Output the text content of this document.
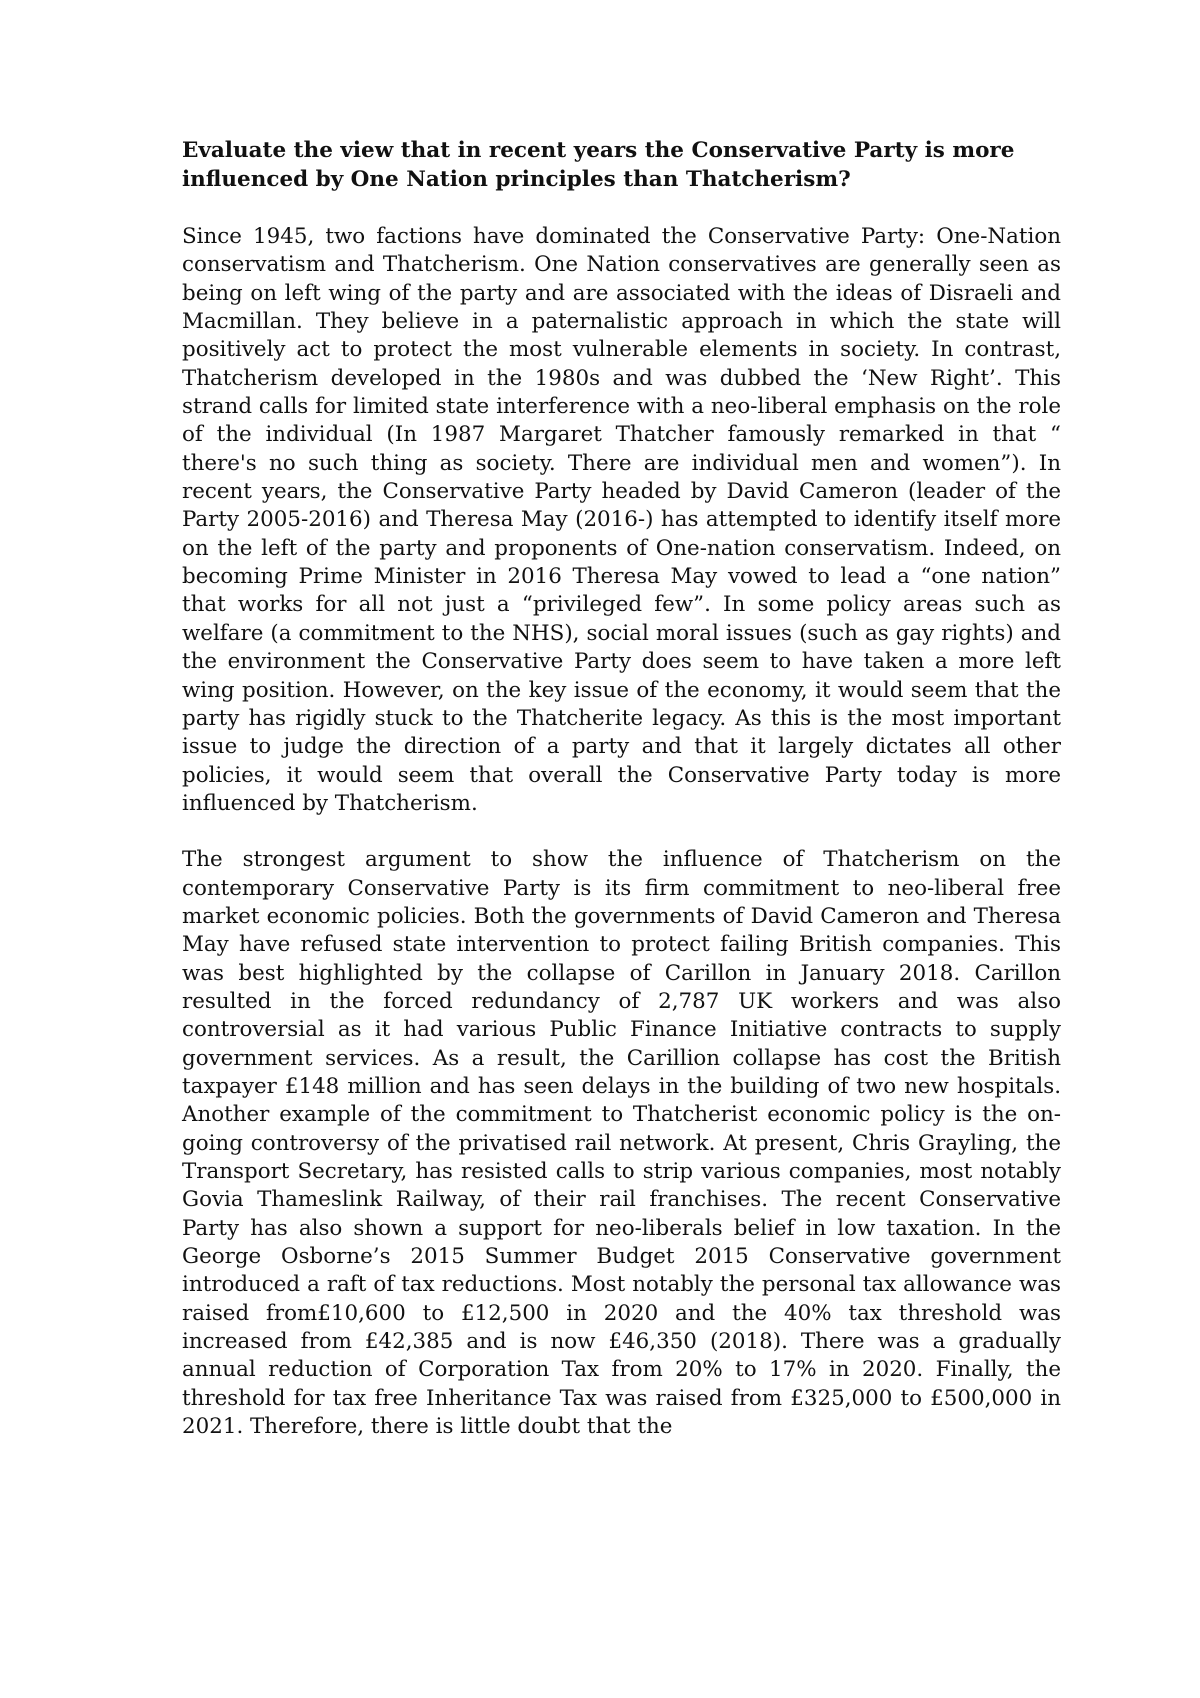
Evaluate the view that in recent years the Conservative Party is more influenced by One Nation principles than Thatcherism?

Since 1945, two factions have dominated the Conservative Party: One-Nation conservatism and Thatcherism. One Nation conservatives are generally seen as being on left wing of the party and are associated with the ideas of Disraeli and Macmillan. They believe in a paternalistic approach in which the state will positively act to protect the most vulnerable elements in society. In contrast, Thatcherism developed in the 1980s and was dubbed the ‘New Right’. This strand calls for limited state interference with a neo-liberal emphasis on the role of the individual (In 1987 Margaret Thatcher famously remarked in that “ there's no such thing as society. There are individual men and women”). In recent years, the Conservative Party headed by David Cameron (leader of the Party 2005-2016) and Theresa May (2016-) has attempted to identify itself more on the left of the party and proponents of One-nation conservatism. Indeed, on becoming Prime Minister in 2016 Theresa May vowed to lead a “one nation” that works for all not just a “privileged few”. In some policy areas such as welfare (a commitment to the NHS), social moral issues (such as gay rights) and the environment the Conservative Party does seem to have taken a more left wing position. However, on the key issue of the economy, it would seem that the party has rigidly stuck to the Thatcherite legacy. As this is the most important issue to judge the direction of a party and that it largely dictates all other policies, it would seem that overall the Conservative Party today is more influenced by Thatcherism.

The strongest argument to show the influence of Thatcherism on the contemporary Conservative Party is its firm commitment to neo-liberal free market economic policies. Both the governments of David Cameron and Theresa May have refused state intervention to protect failing British companies. This was best highlighted by the collapse of Carillon in January 2018. Carillon resulted in the forced redundancy of 2,787 UK workers and was also controversial as it had various Public Finance Initiative contracts to supply government services. As a result, the Carillion collapse has cost the British taxpayer £148 million and has seen delays in the building of two new hospitals. Another example of the commitment to Thatcherist economic policy is the on-going controversy of the privatised rail network. At present, Chris Grayling, the Transport Secretary, has resisted calls to strip various companies, most notably Govia Thameslink Railway, of their rail franchises. The recent Conservative Party has also shown a support for neo-liberals belief in low taxation. In the George Osborne’s 2015 Summer Budget 2015 Conservative government introduced a raft of tax reductions. Most notably the personal tax allowance was raised from£10,600 to £12,500 in 2020 and the 40% tax threshold was increased from £42,385 and is now £46,350 (2018). There was a gradually annual reduction of Corporation Tax from 20% to 17% in 2020. Finally, the threshold for tax free Inheritance Tax was raised from £325,000 to £500,000 in 2021. Therefore, there is little doubt that the
